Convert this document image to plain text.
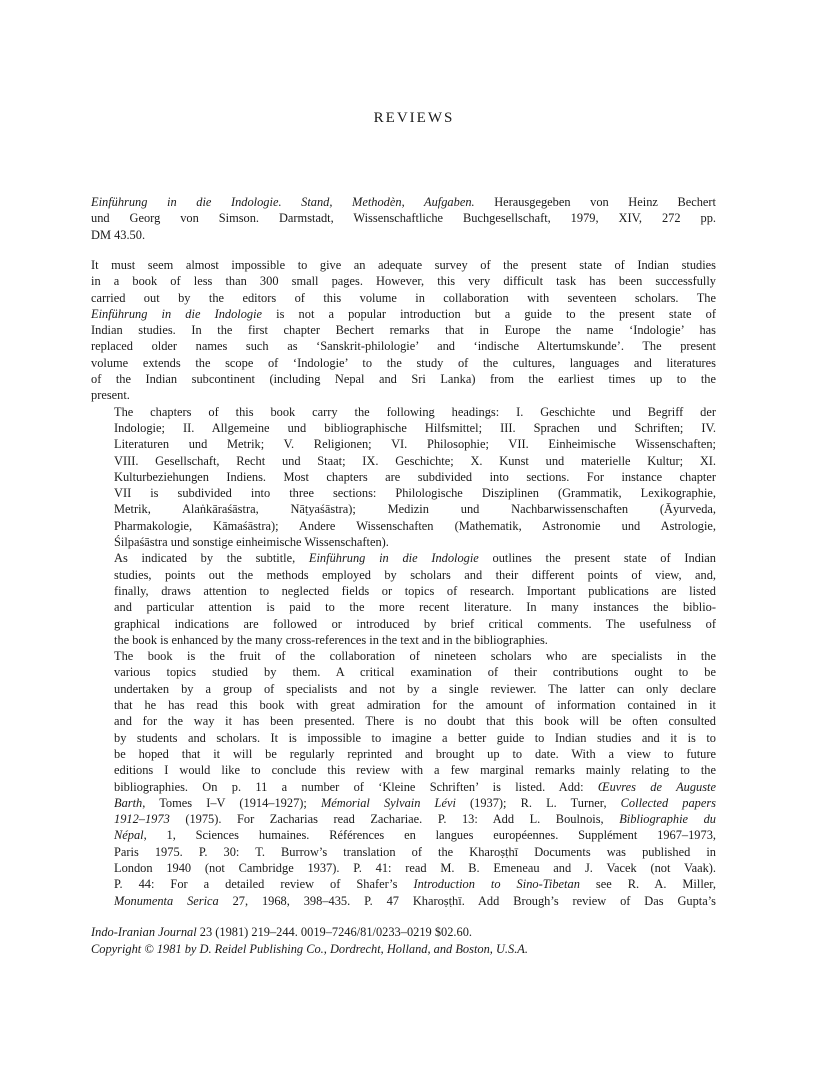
REVIEWS
Einführung in die Indologie. Stand, Methodèn, Aufgaben. Herausgegeben von Heinz Bechert
und Georg von Simson. Darmstadt, Wissenschaftliche Buchgesellschaft, 1979, XIV, 272 pp.
DM 43.50.

It must seem almost impossible to give an adequate survey of the present state of Indian studies
in a book of less than 300 small pages. However, this very difficult task has been successfully
carried out by the editors of this volume in collaboration with seventeen scholars. The
Einführung in die Indologie is not a popular introduction but a guide to the present state of
Indian studies. In the first chapter Bechert remarks that in Europe the name ‘Indologie’ has
replaced older names such as ‘Sanskrit-philologie’ and ‘indische Altertumskunde’. The present
volume extends the scope of ‘Indologie’ to the study of the cultures, languages and literatures
of the Indian subcontinent (including Nepal and Sri Lanka) from the earliest times up to the
present.

The chapters of this book carry the following headings: I. Geschichte und Begriff der
Indologie; II. Allgemeine und bibliographische Hilfsmittel; III. Sprachen und Schriften; IV.
Literaturen und Metrik; V. Religionen; VI. Philosophie; VII. Einheimische Wissenschaften;
VIII. Gesellschaft, Recht und Staat; IX. Geschichte; X. Kunst und materielle Kultur; XI.
Kulturbeziehungen Indiens. Most chapters are subdivided into sections. For instance chapter
VII is subdivided into three sections: Philologische Disziplinen (Grammatik, Lexikographie,
Metrik, Alaṅkāraśāstra, Nāṭyaśāstra); Medizin und Nachbarwissenschaften (Āyurveda,
Pharmakologie, Kāmaśāstra); Andere Wissenschaften (Mathematik, Astronomie und Astrologie,
Śilpaśāstra und sonstige einheimische Wissenschaften).

As indicated by the subtitle, Einführung in die Indologie outlines the present state of Indian
studies, points out the methods employed by scholars and their different points of view, and,
finally, draws attention to neglected fields or topics of research. Important publications are listed
and particular attention is paid to the more recent literature. In many instances the biblio-
graphical indications are followed or introduced by brief critical comments. The usefulness of
the book is enhanced by the many cross-references in the text and in the bibliographies.

The book is the fruit of the collaboration of nineteen scholars who are specialists in the
various topics studied by them. A critical examination of their contributions ought to be
undertaken by a group of specialists and not by a single reviewer. The latter can only declare
that he has read this book with great admiration for the amount of information contained in it
and for the way it has been presented. There is no doubt that this book will be often consulted
by students and scholars. It is impossible to imagine a better guide to Indian studies and it is to
be hoped that it will be regularly reprinted and brought up to date. With a view to future
editions I would like to conclude this review with a few marginal remarks mainly relating to the
bibliographies. On p. 11 a number of ‘Kleine Schriften’ is listed. Add: Œuvres de Auguste
Barth, Tomes I–V (1914–1927); Mémorial Sylvain Lévi (1937); R. L. Turner, Collected papers
1912–1973 (1975). For Zacharias read Zachariae. P. 13: Add L. Boulnois, Bibliographie du
Népal, 1, Sciences humaines. Références en langues européennes. Supplément 1967–1973,
Paris 1975. P. 30: T. Burrow’s translation of the Kharoṣṭhī Documents was published in
London 1940 (not Cambridge 1937). P. 41: read M. B. Emeneau and J. Vacek (not Vaak).
P. 44: For a detailed review of Shafer’s Introduction to Sino-Tibetan see R. A. Miller,
Monumenta Serica 27, 1968, 398–435. P. 47 Kharoṣṭhī. Add Brough’s review of Das Gupta’s

Indo-Iranian Journal 23 (1981) 219–244. 0019–7246/81/0233–0219 $02.60.
Copyright © 1981 by D. Reidel Publishing Co., Dordrecht, Holland, and Boston, U.S.A.
